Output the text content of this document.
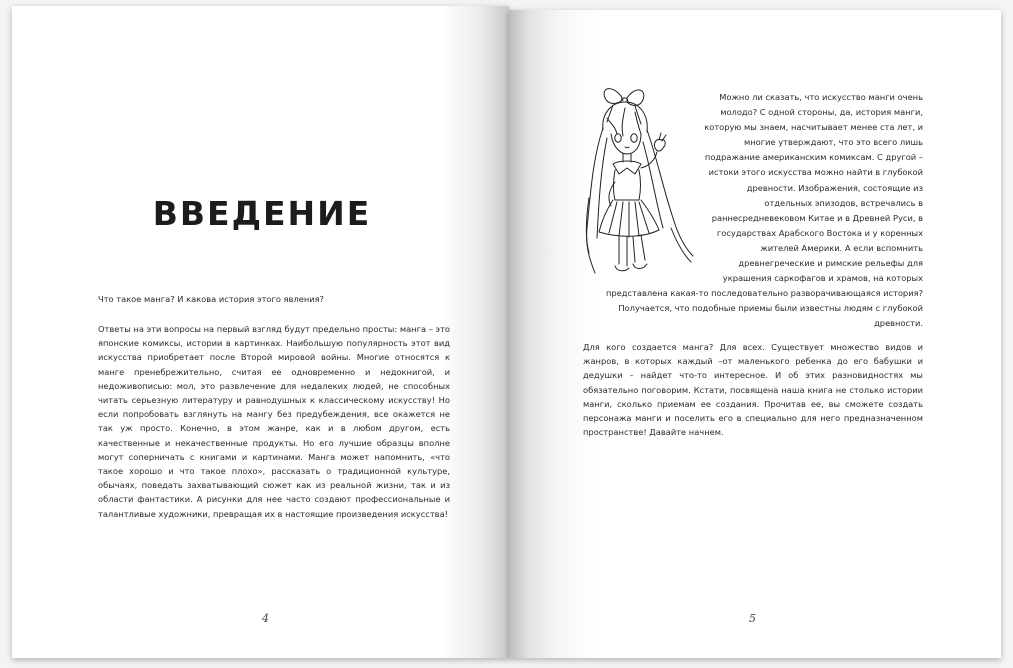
ВВЕДЕНИЕ

Что такое манга? И какова история этого явления?

Ответы на эти вопросы на первый взгляд будут предельно просты: манга – это японские комиксы, истории в картинках. Наибольшую популярность этот вид искусства приобретает после Второй мировой войны. Многие относятся к манге пренебрежительно, считая ее одновременно и недокнигой, и недоживописью: мол, это развлечение для недалеких людей, не способных читать серьезную литературу и равнодушных к классическому искусству! Но если попробовать взглянуть на мангу без предубеждения, все окажется не так уж просто. Конечно, в этом жанре, как и в любом другом, есть качественные и некачественные продукты. Но его лучшие образцы вполне могут соперничать с книгами и картинами. Манга может напомнить, «что такое хорошо и что такое плохо», рассказать о традиционной культуре, обычаях, поведать захватывающий сюжет как из реальной жизни, так и из области фантастики. А рисунки для нее часто создают профессиональные и талантливые художники, превращая их в настоящие произведения искусства!

4
Можно ли сказать, что искусство манги очень молодо? С одной стороны, да, история манги, которую мы знаем, насчитывает менее ста лет, и многие утверждают, что это всего лишь подражание американским комиксам. С другой – истоки этого искусства можно найти в глубокой древности. Изображения, состоящие из отдельных эпизодов, встречались в раннесредневековом Китае и в Древней Руси, в государствах Арабского Востока и у коренных жителей Америки. А если вспомнить древнегреческие и римские рельефы для украшения саркофагов и храмов, на которых представлена какая-то последовательно разворачивающаяся история? Получается, что подобные приемы были известны людям с глубокой древности.

Для кого создается манга? Для всех. Существует множество видов и жанров, в которых каждый –от маленького ребенка до его бабушки и дедушки – найдет что-то интересное. И об этих разновидностях мы обязательно поговорим. Кстати, посвящена наша книга не столько истории манги, сколько приемам ее создания. Прочитав ее, вы сможете создать персонажа манги и поселить его в специально для него предназначенном пространстве! Давайте начнем.

5
